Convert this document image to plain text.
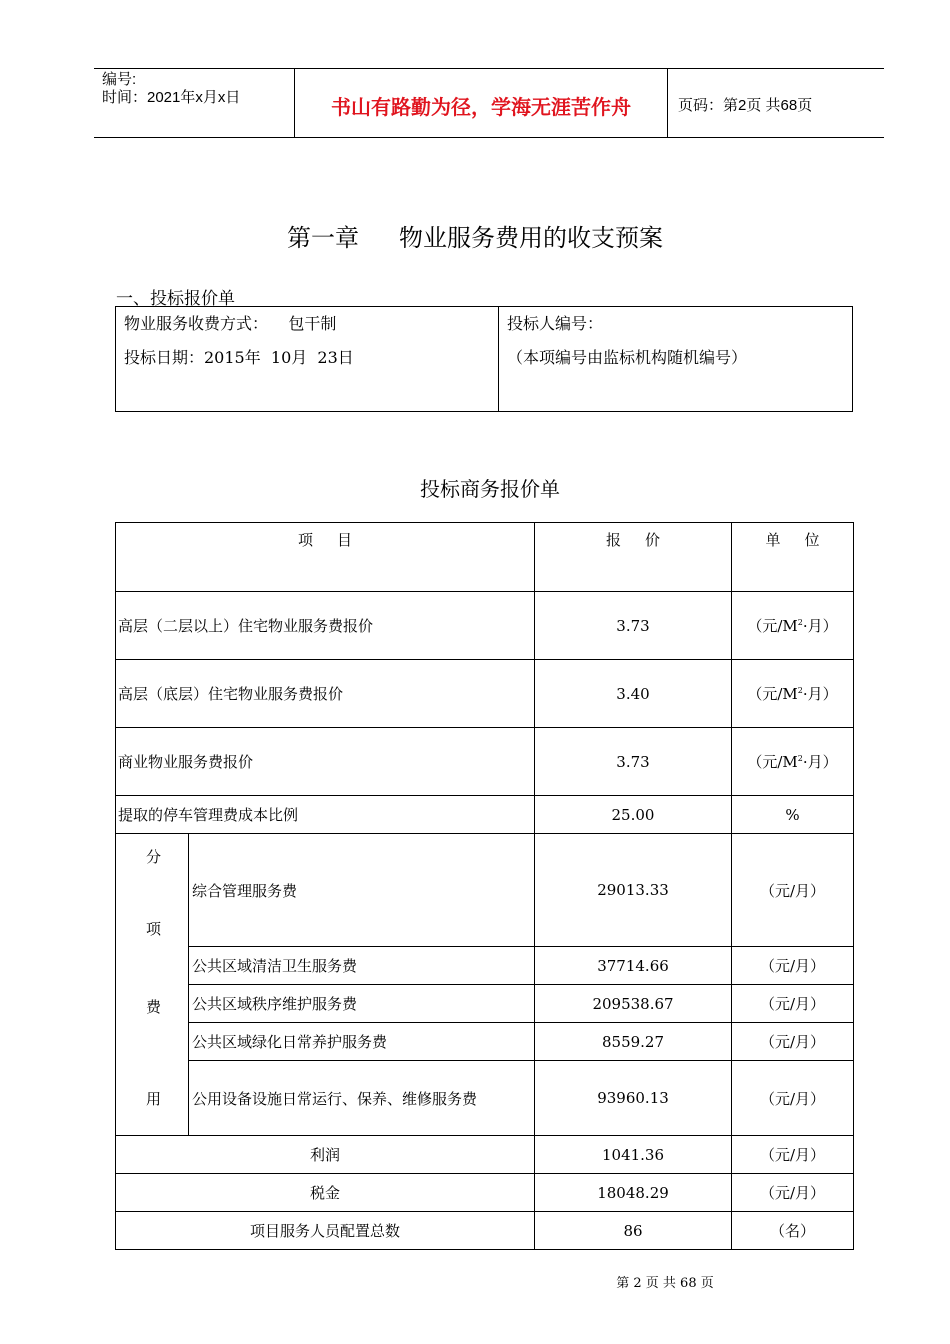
编号:
时间：2021年x月x日	书山有路勤为径，学海无涯苦作舟	页码：第2页 共68页
第一章 物业服务费用的收支预案
一、投标报价单
物业服务收费方式：    包干制
投标日期：2015年  10月  23日
投标人编号：
（本项编号由监标机构随机编号）
投标商务报价单
项 目		报 价	单 位
高层（二层以上）住宅物业服务费报价		3.73	（元$/M^2\cdot$月）
高层（底层）住宅物业服务费报价		3.40	（元$/M^2\cdot$月）
商业物业服务费报价		3.73	（元$/M^2\cdot$月）
提取的停车管理费成本比例		25.00	%

分
项
费
用	综合管理服务费	29013.33	（元/月）
	公共区域清洁卫生服务费	37714.66	（元/月）
	公共区域秩序维护服务费	209538.67	（元/月）
	公共区域绿化日常养护服务费	8559.27	（元/月）
	公用设备设施日常运行、保养、维修服务费	93960.13	（元/月）
利润		1041.36	（元/月）
税金		18048.29	（元/月）
项目服务人员配置总数		86	（名）
第 2 页 共 68 页
